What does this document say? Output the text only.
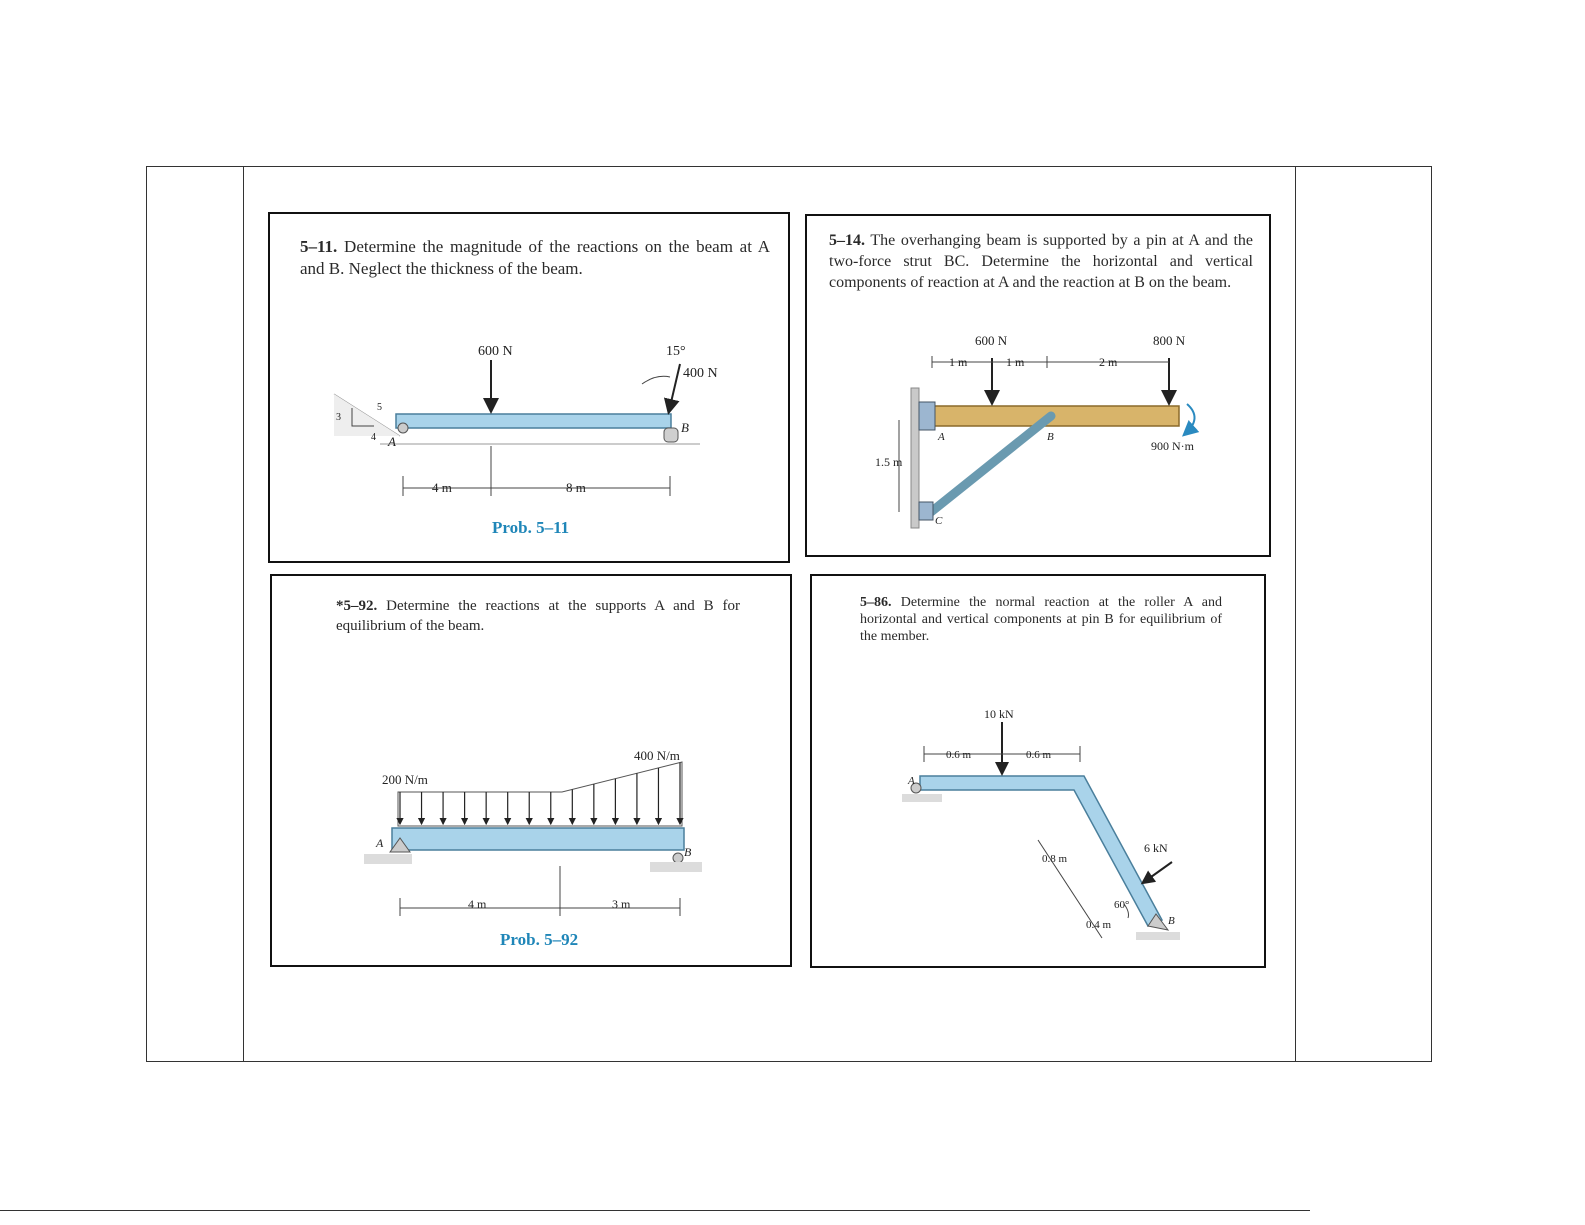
5–11. Determine the magnitude of the reactions on the beam at A and B. Neglect the thickness of the beam.
600 N	15°
400 N
3
4
5
A
B
4 m	8 m
Prob. 5–11
5–14. The overhanging beam is supported by a pin at A and the two-force strut BC. Determine the horizontal and vertical components of reaction at A and the reaction at B on the beam.
600 N	800 N
1 m	1 m	2 m
1.5 m
900 N·m
A	B
C
*5–92. Determine the reactions at the supports A and B for equilibrium of the beam.
200 N/m
400 N/m
A
B
4 m	3 m
Prob. 5–92
5–86. Determine the normal reaction at the roller A and horizontal and vertical components at pin B for equilibrium of the member.
10 kN
6 kN
0.6 m	0.6 m
0.8 m
0.4 m
60°
A
B
